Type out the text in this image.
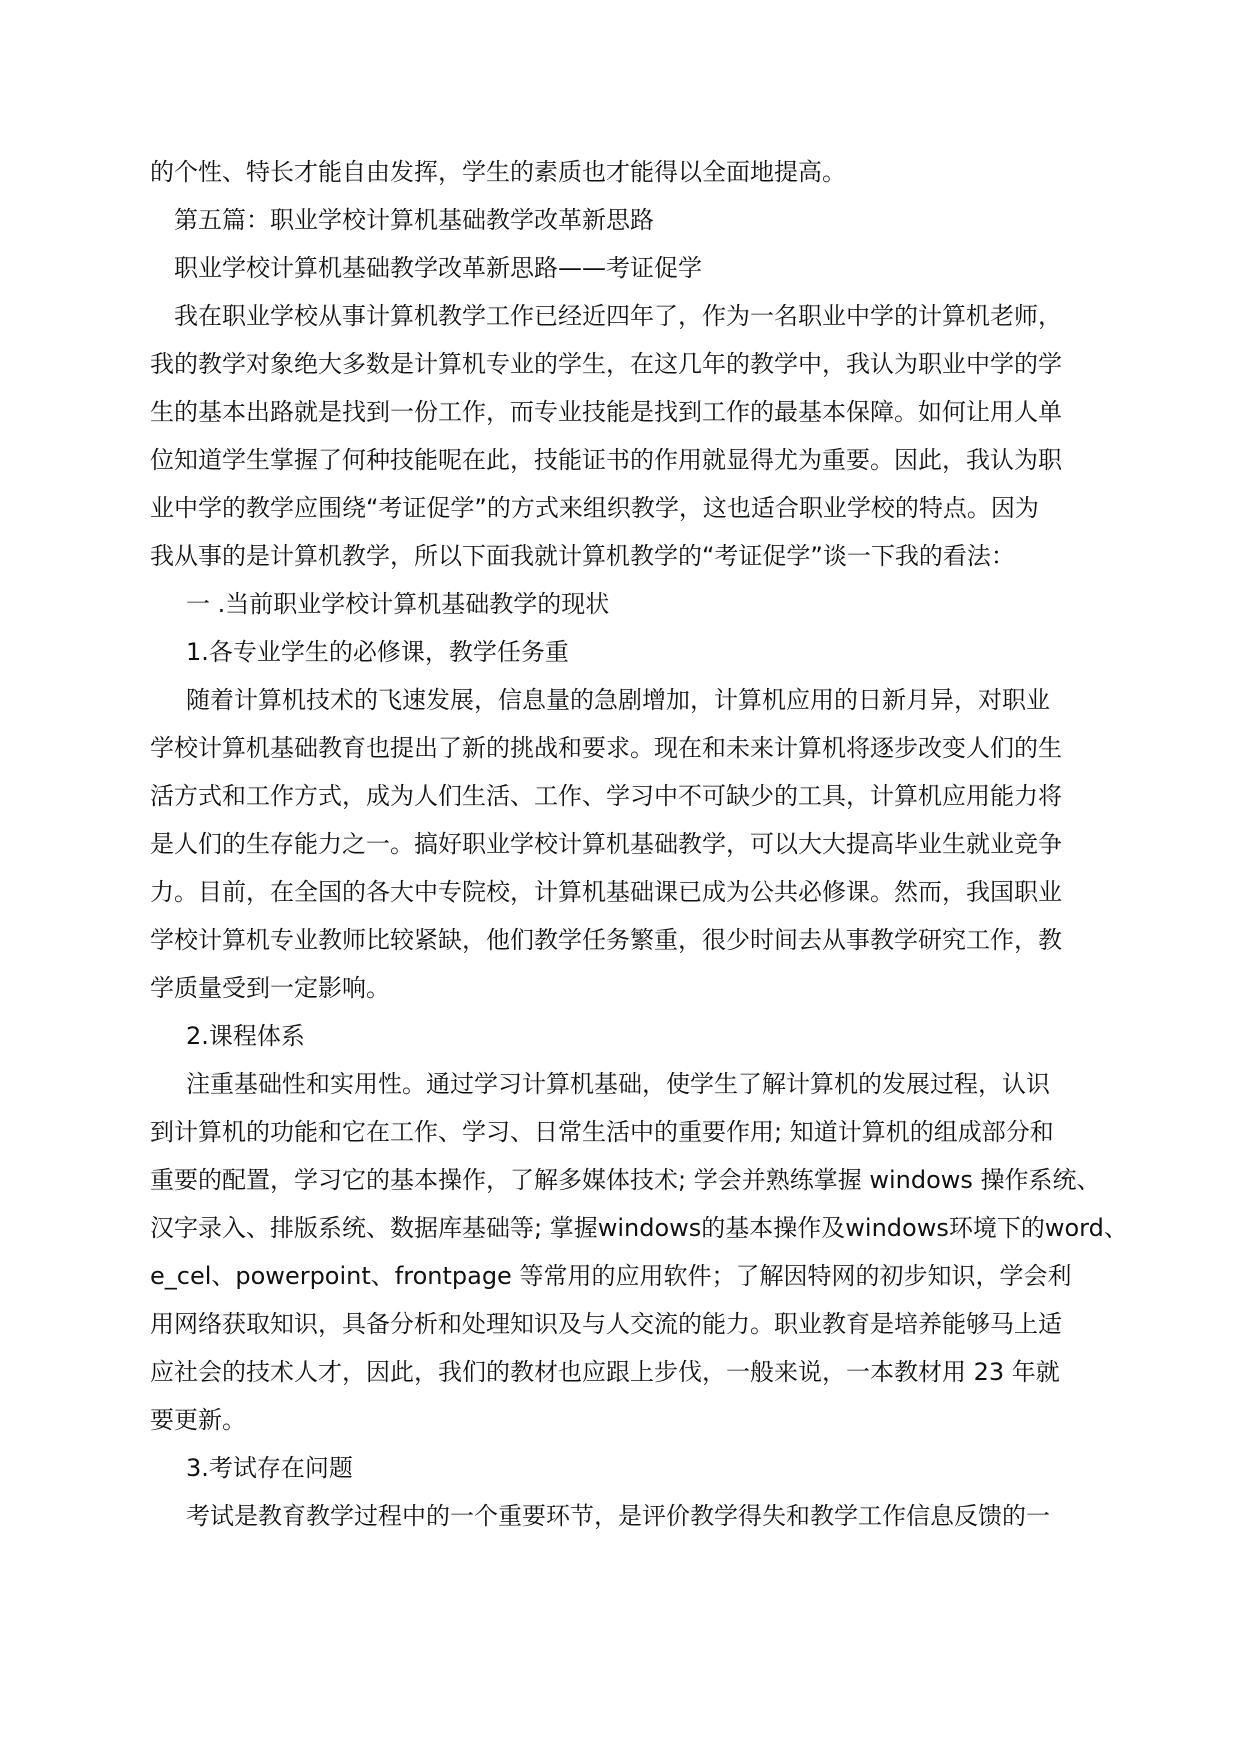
的个性、特长才能自由发挥，学生的素质也才能得以全面地提高。

第五篇：职业学校计算机基础教学改革新思路

职业学校计算机基础教学改革新思路——考证促学

我在职业学校从事计算机教学工作已经近四年了，作为一名职业中学的计算机老师，

我的教学对象绝大多数是计算机专业的学生，在这几年的教学中，我认为职业中学的学

生的基本出路就是找到一份工作，而专业技能是找到工作的最基本保障。如何让用人单

位知道学生掌握了何种技能呢在此，技能证书的作用就显得尤为重要。因此，我认为职

业中学的教学应围绕“考证促学”的方式来组织教学，这也适合职业学校的特点。因为

我从事的是计算机教学，所以下面我就计算机教学的“考证促学”谈一下我的看法：

一 .当前职业学校计算机基础教学的现状

1.各专业学生的必修课，教学任务重

随着计算机技术的飞速发展，信息量的急剧增加，计算机应用的日新月异，对职业

学校计算机基础教育也提出了新的挑战和要求。现在和未来计算机将逐步改变人们的生

活方式和工作方式，成为人们生活、工作、学习中不可缺少的工具，计算机应用能力将

是人们的生存能力之一。搞好职业学校计算机基础教学，可以大大提高毕业生就业竞争

力。目前，在全国的各大中专院校，计算机基础课已成为公共必修课。然而，我国职业

学校计算机专业教师比较紧缺，他们教学任务繁重，很少时间去从事教学研究工作，教

学质量受到一定影响。

2.课程体系

注重基础性和实用性。通过学习计算机基础，使学生了解计算机的发展过程，认识

到计算机的功能和它在工作、学习、日常生活中的重要作用; 知道计算机的组成部分和

重要的配置，学习它的基本操作，了解多媒体技术; 学会并熟练掌握 windows 操作系统、

汉字录入、排版系统、数据库基础等; 掌握windows的基本操作及windows环境下的word、

e_cel、powerpoint、frontpage 等常用的应用软件；了解因特网的初步知识，学会利

用网络获取知识，具备分析和处理知识及与人交流的能力。职业教育是培养能够马上适

应社会的技术人才，因此，我们的教材也应跟上步伐，一般来说，一本教材用 23 年就

要更新。

3.考试存在问题

考试是教育教学过程中的一个重要环节，是评价教学得失和教学工作信息反馈的一
